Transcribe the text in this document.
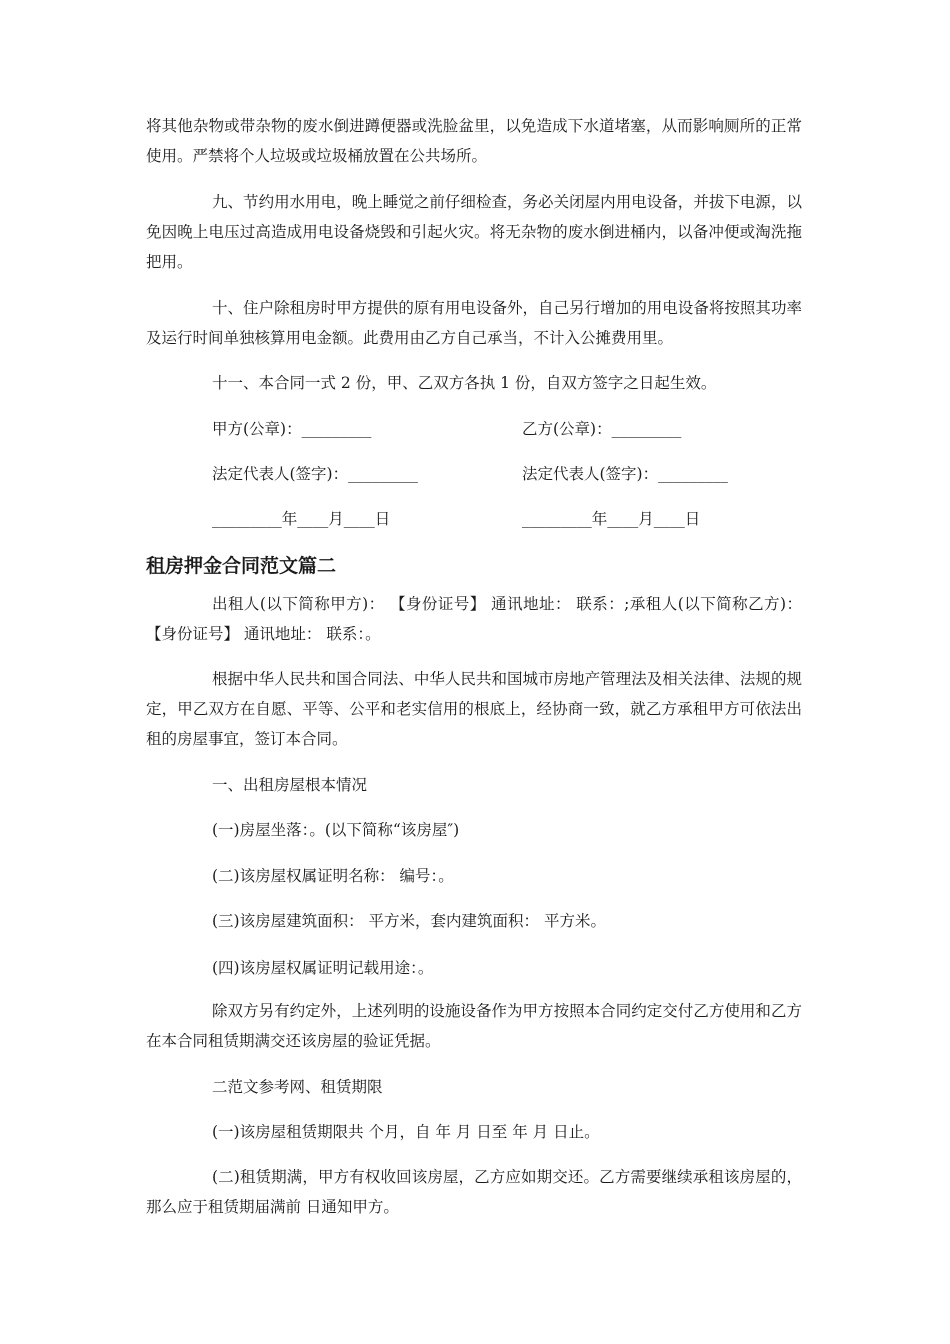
将其他杂物或带杂物的废水倒进蹲便器或洗脸盆里，以免造成下水道堵塞，从而影响厕所的正常使用。严禁将个人垃圾或垃圾桶放置在公共场所。

九、节约用水用电，晚上睡觉之前仔细检查，务必关闭屋内用电设备，并拔下电源，以免因晚上电压过高造成用电设备烧毁和引起火灾。将无杂物的废水倒进桶内，以备冲便或淘洗拖把用。

十、住户除租房时甲方提供的原有用电设备外，自己另行增加的用电设备将按照其功率及运行时间单独核算用电金额。此费用由乙方自己承当，不计入公摊费用里。

十一、本合同一式 2 份，甲、乙双方各执 1 份，自双方签字之日起生效。

甲方(公章)：_________	乙方(公章)：_________

法定代表人(签字)：_________	法定代表人(签字)：_________

_________年____月____日	_________年____月____日

租房押金合同范文篇二

出租人(以下简称甲方)： 【身份证号】 通讯地址： 联系：;承租人(以下简称乙方)： 【身份证号】 通讯地址： 联系：。

根据中华人民共和国合同法、中华人民共和国城市房地产管理法及相关法律、法规的规定，甲乙双方在自愿、平等、公平和老实信用的根底上，经协商一致，就乙方承租甲方可依法出租的房屋事宜，签订本合同。

一、出租房屋根本情况

(一)房屋坐落：。(以下简称“该房屋″)

(二)该房屋权属证明名称： 编号：。

(三)该房屋建筑面积： 平方米，套内建筑面积： 平方米。

(四)该房屋权属证明记载用途：。

除双方另有约定外，上述列明的设施设备作为甲方按照本合同约定交付乙方使用和乙方在本合同租赁期满交还该房屋的验证凭据。

二范文参考网、租赁期限

(一)该房屋租赁期限共 个月，自 年 月 日至 年 月 日止。

(二)租赁期满，甲方有权收回该房屋，乙方应如期交还。乙方需要继续承租该房屋的，那么应于租赁期届满前 日通知甲方。
